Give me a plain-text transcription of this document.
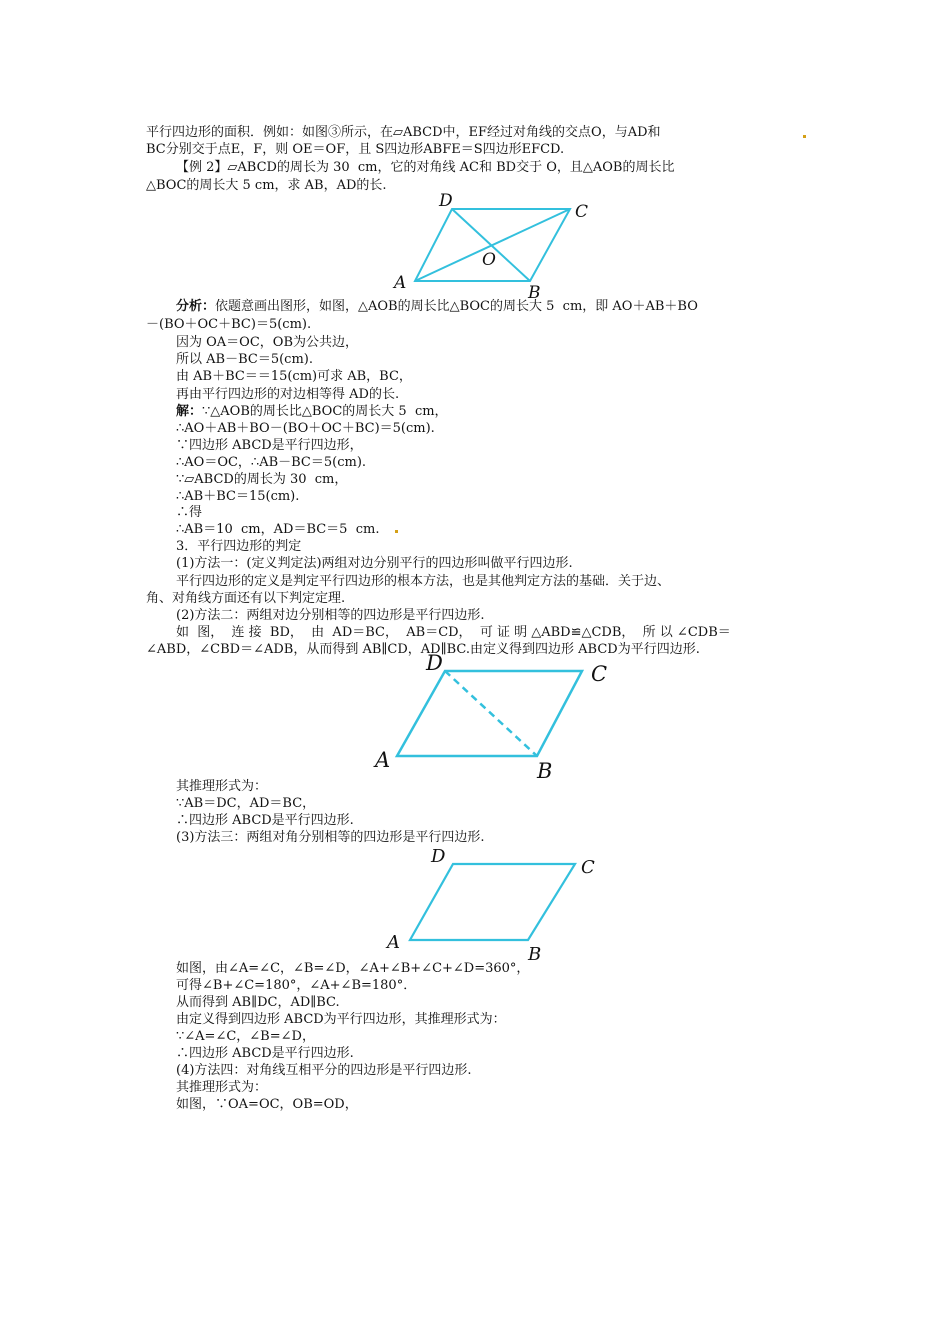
平行四边形的面积．例如：如图③所示，在▱ABCD中，EF经过对角线的交点O，与AD和
BC分别交于点E，F，则 OE＝OF，且 S四边形ABFE＝S四边形EFCD.
【例 2】▱ABCD的周长为 30  cm，它的对角线 AC和 BD交于 O，且△AOB的周长比
△BOC的周长大 5 cm，求 AB，AD的长.
A	B
C
D
O
分析：依题意画出图形，如图，△AOB的周长比△BOC的周长大 5  cm，即 AO＋AB＋BO
－(BO＋OC＋BC)＝5(cm).
因为 OA＝OC，OB为公共边，
所以 AB－BC＝5(cm).
由 AB＋BC＝＝15(cm)可求 AB，BC，
再由平行四边形的对边相等得 AD的长.
解：∵△AOB的周长比△BOC的周长大 5  cm，
∴AO＋AB＋BO－(BO＋OC＋BC)＝5(cm).
∵四边形 ABCD是平行四边形，
∴AO＝OC，∴AB－BC＝5(cm).
∵▱ABCD的周长为 30  cm，
∴AB＋BC＝15(cm).
∴得
∴AB＝10  cm，AD＝BC＝5  cm.
3．平行四边形的判定
(1)方法一：(定义判定法)两组对边分别平行的四边形叫做平行四边形.
平行四边形的定义是判定平行四边形的根本方法，也是其他判定方法的基础．关于边、
角、对角线方面还有以下判定定理.
(2)方法二：两组对边分别相等的四边形是平行四边形.
如  图，  连 接  BD，  由  AD＝BC，  AB＝CD，  可 证 明 △ABD≌△CDB，  所 以 ∠CDB＝
∠ABD，∠CBD＝∠ADB，从而得到 AB∥CD，AD∥BC.由定义得到四边形 ABCD为平行四边形.
A	B
C
D
其推理形式为：
∵AB＝DC，AD＝BC，
∴四边形 ABCD是平行四边形.
(3)方法三：两组对角分别相等的四边形是平行四边形.
A
B
C
D
如图，由∠A=∠C，∠B=∠D，∠A+∠B+∠C+∠D=360°，
可得∠B+∠C=180°，∠A+∠B=180°．
从而得到 AB∥DC，AD∥BC.
由定义得到四边形 ABCD为平行四边形，其推理形式为：
∵∠A=∠C，∠B=∠D，
∴四边形 ABCD是平行四边形.
(4)方法四：对角线互相平分的四边形是平行四边形.
其推理形式为：
如图，∵OA=OC，OB=OD，
